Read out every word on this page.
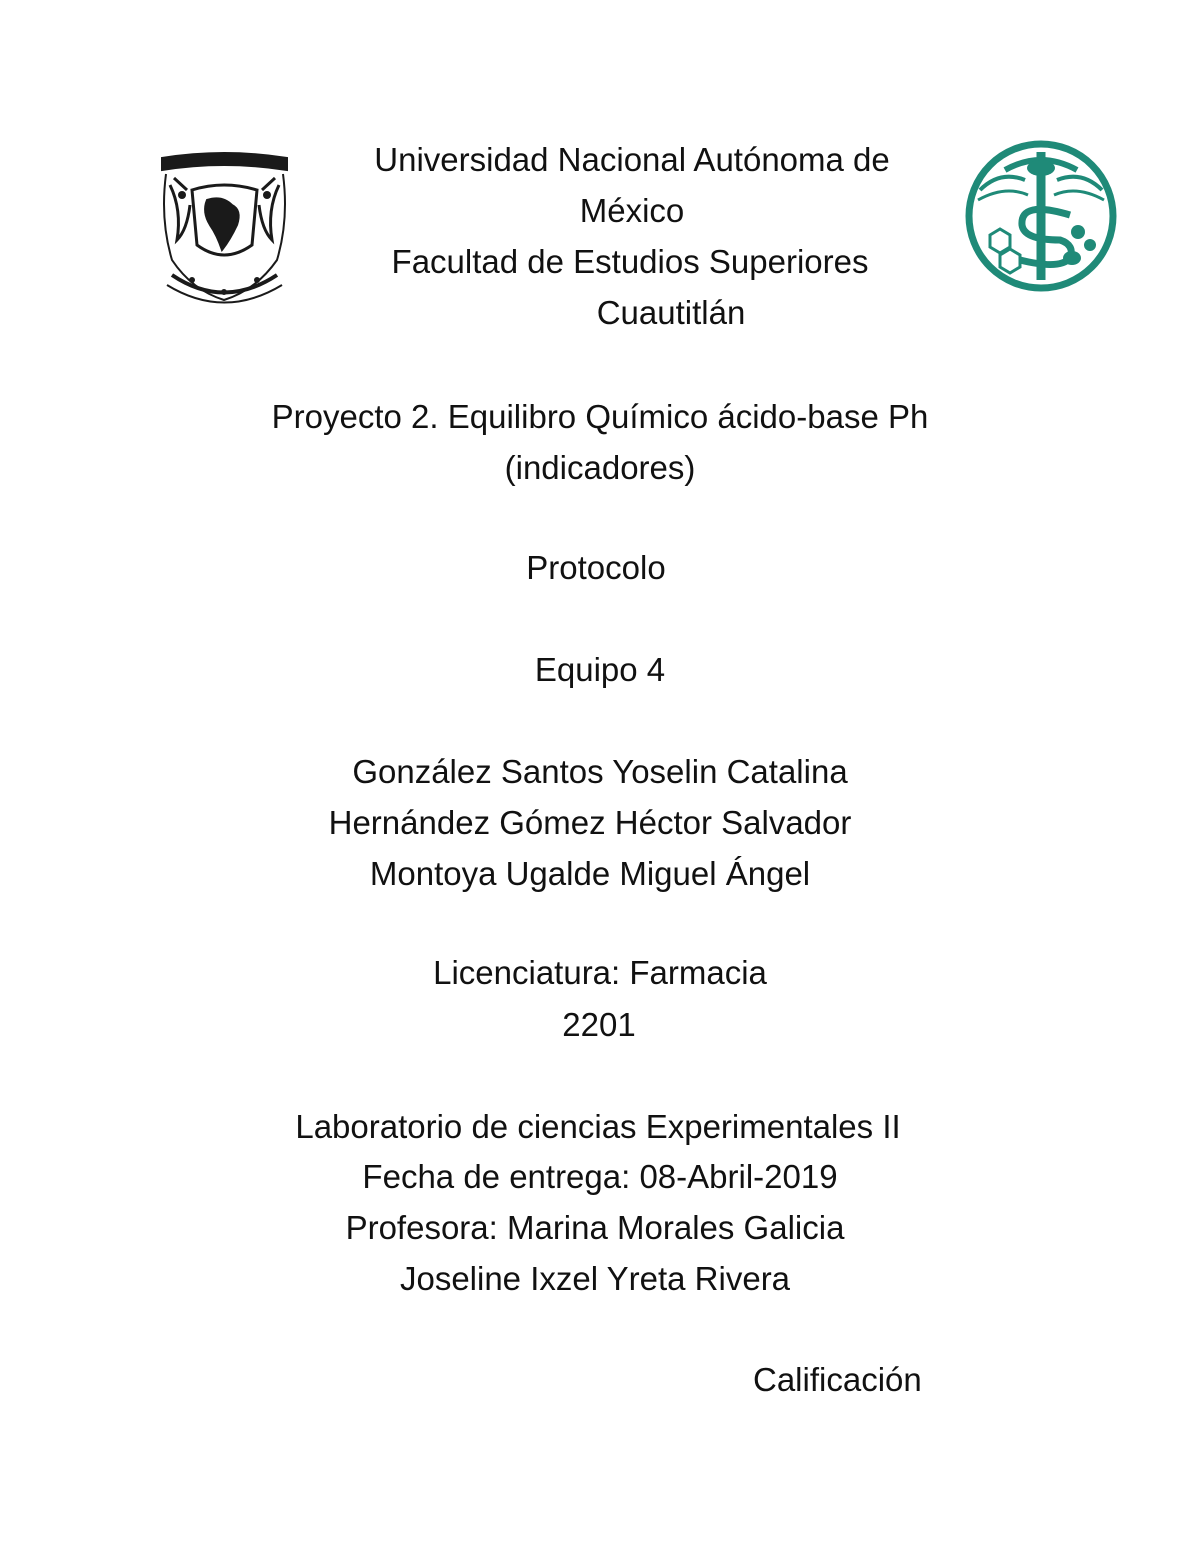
Universidad Nacional Autónoma de
México
Facultad de Estudios Superiores
Cuautitlán
Proyecto 2. Equilibro Químico ácido-base Ph
(indicadores)
Protocolo
Equipo 4
González Santos Yoselin Catalina
Hernández Gómez Héctor Salvador
Montoya Ugalde Miguel Ángel
Licenciatura: Farmacia
2201
Laboratorio de ciencias Experimentales II
Fecha de entrega: 08-Abril-2019
Profesora: Marina Morales Galicia
Joseline Ixzel Yreta Rivera
Calificación
